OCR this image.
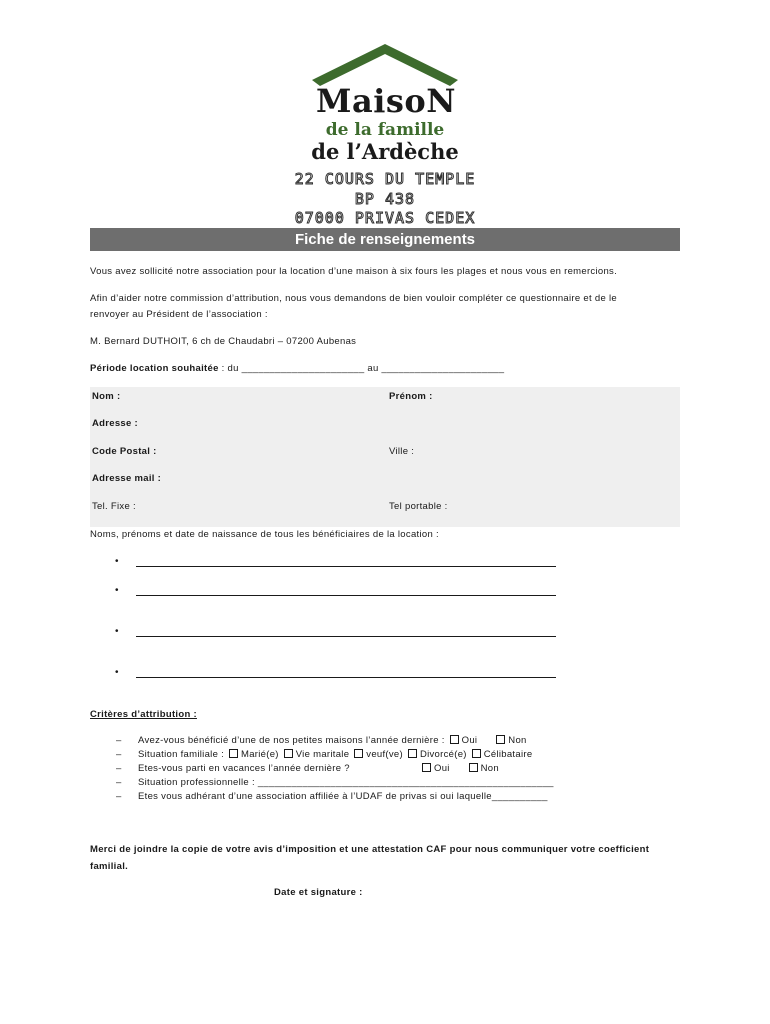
MaisoN
de la famille
de l’Ardèche
22 COURS DU TEMPLE
BP 438
07000 PRIVAS CEDEX
Fiche de renseignements
Vous avez sollicité notre association pour la location d’une maison à six fours les plages et nous vous en remercions.
Afin d’aider notre commission d’attribution, nous vous demandons de bien vouloir compléter ce questionnaire et de le
renvoyer au Président de l’association :
M. Bernard DUTHOIT, 6 ch de Chaudabri – 07200 Aubenas
Période location souhaitée : du ______________________ au ______________________
Nom :	Prénom :
Adresse :
Code Postal :	Ville :
Adresse mail :
Tel. Fixe :	Tel portable :
Noms, prénoms et date de naissance de tous les bénéficiaires de la location :
•
•
•
•
Critères d’attribution :
– Avez-vous bénéficié d’une de nos petites maisons l’année dernière : Oui	Non
– Situation familiale : Marié(e) Vie maritale veuf(ve) Divorcé(e) Célibataire
– Etes-vous parti en vacances l’année dernière ?	Oui	Non
– Situation professionnelle : _____________________________________________________
– Etes vous adhérant d’une association affiliée à l’UDAF de privas si oui laquelle__________
Merci de joindre la copie de votre avis d’imposition et une attestation CAF pour nous communiquer votre coefficient
familial.
Date et signature :
